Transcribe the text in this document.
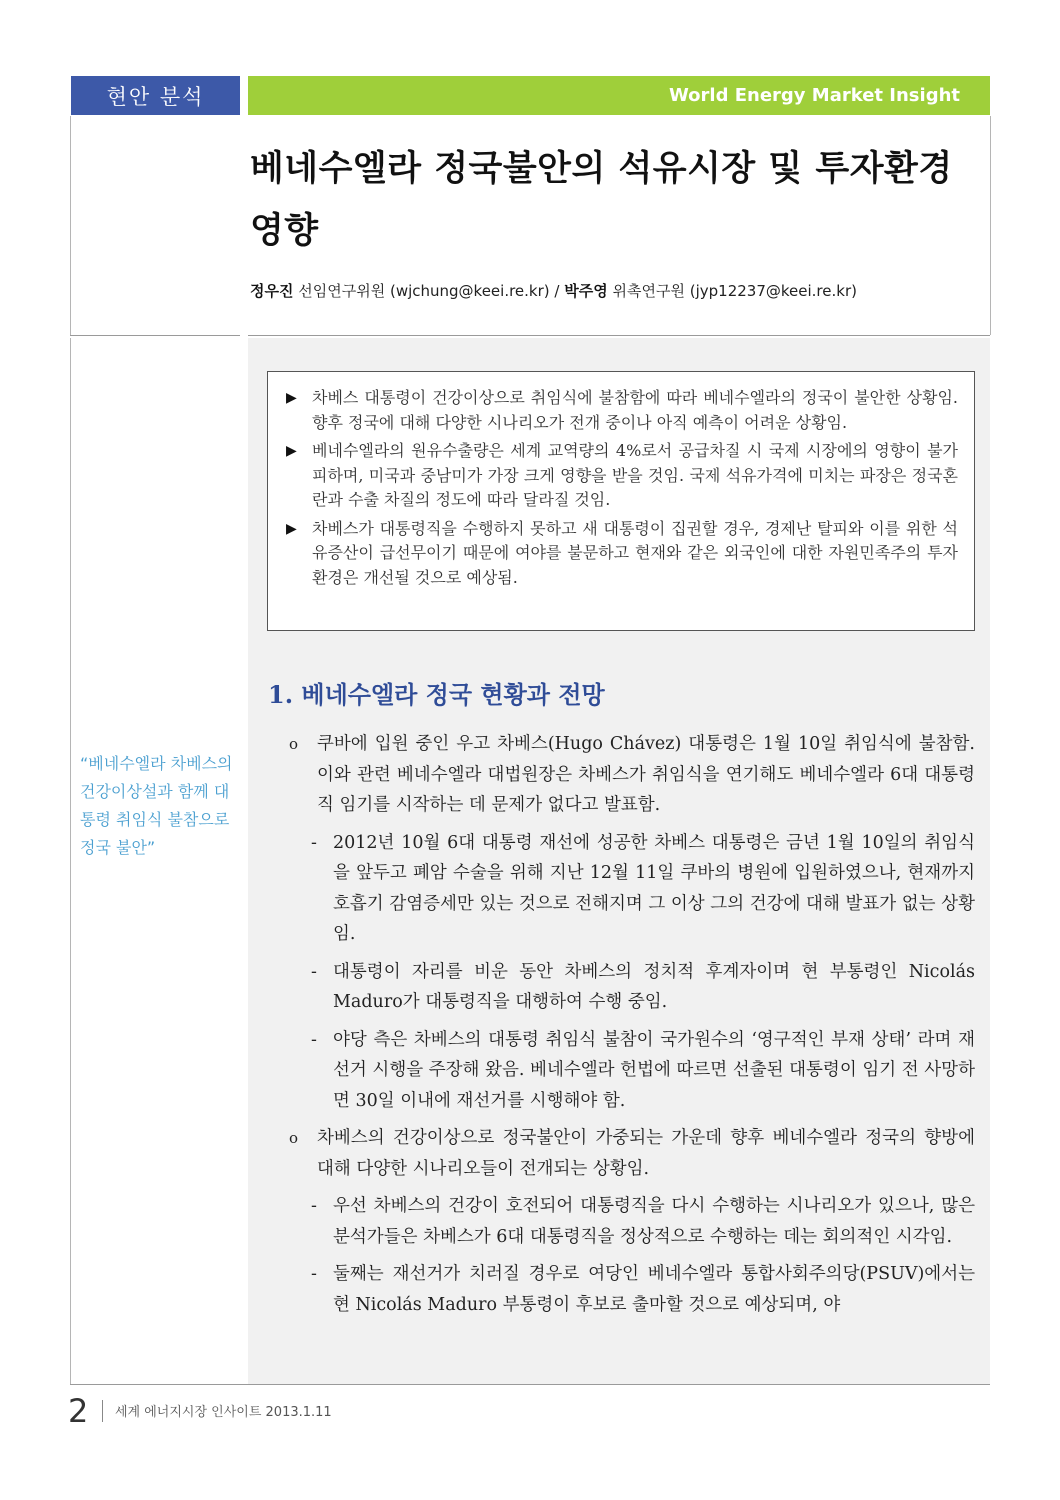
현안 분석	World Energy Market Insight
베네수엘라 정국불안의 석유시장 및 투자환경 영향
정우진 선임연구위원 (wjchung@keei.re.kr) / 박주영 위촉연구원 (jyp12237@keei.re.kr)
▶ 차베스 대통령이 건강이상으로 취임식에 불참함에 따라 베네수엘라의 정국이 불안한 상황임. 향후 정국에 대해 다양한 시나리오가 전개 중이나 아직 예측이 어려운 상황임.
▶ 베네수엘라의 원유수출량은 세계 교역량의 4%로서 공급차질 시 국제 시장에의 영향이 불가피하며, 미국과 중남미가 가장 크게 영향을 받을 것임. 국제 석유가격에 미치는 파장은 정국혼란과 수출 차질의 정도에 따라 달라질 것임.
▶ 차베스가 대통령직을 수행하지 못하고 새 대통령이 집권할 경우, 경제난 탈피와 이를 위한 석유증산이 급선무이기 때문에 여야를 불문하고 현재와 같은 외국인에 대한 자원민족주의 투자환경은 개선될 것으로 예상됨.
1. 베네수엘라 정국 현황과 전망
o 쿠바에 입원 중인 우고 차베스(Hugo Chávez) 대통령은 1월 10일 취임식에 불참함. 이와 관련 베네수엘라 대법원장은 차베스가 취임식을 연기해도 베네수엘라 6대 대통령직 임기를 시작하는 데 문제가 없다고 발표함.
- 2012년 10월 6대 대통령 재선에 성공한 차베스 대통령은 금년 1월 10일의 취임식을 앞두고 폐암 수술을 위해 지난 12월 11일 쿠바의 병원에 입원하였으나, 현재까지 호흡기 감염증세만 있는 것으로 전해지며 그 이상 그의 건강에 대해 발표가 없는 상황임.
- 대통령이 자리를 비운 동안 차베스의 정치적 후계자이며 현 부통령인 Nicolás Maduro가 대통령직을 대행하여 수행 중임.
- 야당 측은 차베스의 대통령 취임식 불참이 국가원수의 ‘영구적인 부재 상태’ 라며 재선거 시행을 주장해 왔음. 베네수엘라 헌법에 따르면 선출된 대통령이 임기 전 사망하면 30일 이내에 재선거를 시행해야 함.
o 차베스의 건강이상으로 정국불안이 가중되는 가운데 향후 베네수엘라 정국의 향방에 대해 다양한 시나리오들이 전개되는 상황임.
- 우선 차베스의 건강이 호전되어 대통령직을 다시 수행하는 시나리오가 있으나, 많은 분석가들은 차베스가 6대 대통령직을 정상적으로 수행하는 데는 회의적인 시각임.
- 둘째는 재선거가 치러질 경우로 여당인 베네수엘라 통합사회주의당(PSUV)에서는 현 Nicolás Maduro 부통령이 후보로 출마할 것으로 예상되며, 야
“베네수엘라 차베스의 건강이상설과 함께 대통령 취임식 불참으로 정국 불안”
2 세계 에너지시장 인사이트 2013.1.11
